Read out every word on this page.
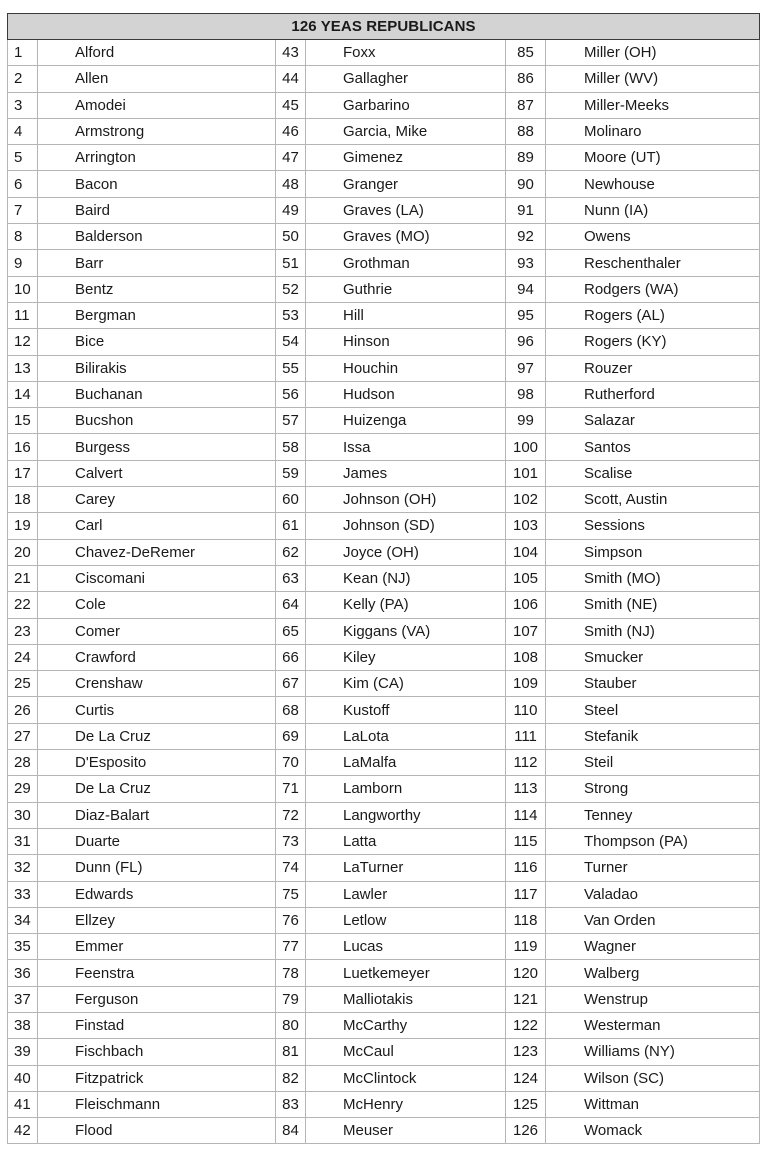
126 YEAS REPUBLICANS					
1	Alford	43	Foxx	85	Miller (OH)
2	Allen	44	Gallagher	86	Miller (WV)
3	Amodei	45	Garbarino	87	Miller-Meeks
4	Armstrong	46	Garcia, Mike	88	Molinaro
5	Arrington	47	Gimenez	89	Moore (UT)
6	Bacon	48	Granger	90	Newhouse
7	Baird	49	Graves (LA)	91	Nunn (IA)
8	Balderson	50	Graves (MO)	92	Owens
9	Barr	51	Grothman	93	Reschenthaler
10	Bentz	52	Guthrie	94	Rodgers (WA)
11	Bergman	53	Hill	95	Rogers (AL)
12	Bice	54	Hinson	96	Rogers (KY)
13	Bilirakis	55	Houchin	97	Rouzer
14	Buchanan	56	Hudson	98	Rutherford
15	Bucshon	57	Huizenga	99	Salazar
16	Burgess	58	Issa	100	Santos
17	Calvert	59	James	101	Scalise
18	Carey	60	Johnson (OH)	102	Scott, Austin
19	Carl	61	Johnson (SD)	103	Sessions
20	Chavez-DeRemer	62	Joyce (OH)	104	Simpson
21	Ciscomani	63	Kean (NJ)	105	Smith (MO)
22	Cole	64	Kelly (PA)	106	Smith (NE)
23	Comer	65	Kiggans (VA)	107	Smith (NJ)
24	Crawford	66	Kiley	108	Smucker
25	Crenshaw	67	Kim (CA)	109	Stauber
26	Curtis	68	Kustoff	110	Steel
27	De La Cruz	69	LaLota	111	Stefanik
28	D'Esposito	70	LaMalfa	112	Steil
29	De La Cruz	71	Lamborn	113	Strong
30	Diaz-Balart	72	Langworthy	114	Tenney
31	Duarte	73	Latta	115	Thompson (PA)
32	Dunn (FL)	74	LaTurner	116	Turner
33	Edwards	75	Lawler	117	Valadao
34	Ellzey	76	Letlow	118	Van Orden
35	Emmer	77	Lucas	119	Wagner
36	Feenstra	78	Luetkemeyer	120	Walberg
37	Ferguson	79	Malliotakis	121	Wenstrup
38	Finstad	80	McCarthy	122	Westerman
39	Fischbach	81	McCaul	123	Williams (NY)
40	Fitzpatrick	82	McClintock	124	Wilson (SC)
41	Fleischmann	83	McHenry	125	Wittman
42	Flood	84	Meuser	126	Womack
